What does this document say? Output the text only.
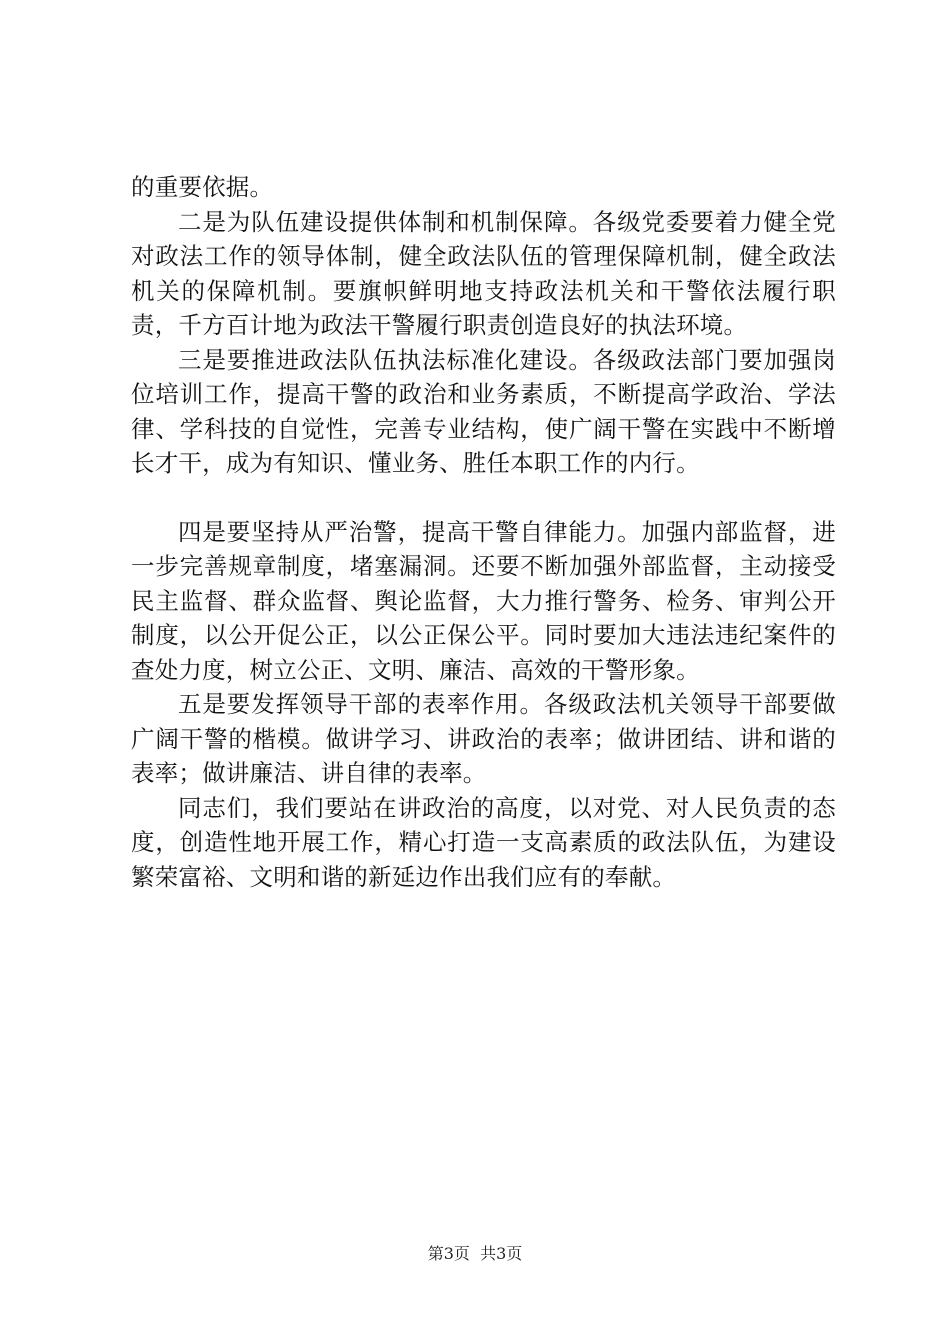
的重要依据。

二是为队伍建设提供体制和机制保障。各级党委要着力健全党对政法工作的领导体制，健全政法队伍的管理保障机制，健全政法机关的保障机制。要旗帜鲜明地支持政法机关和干警依法履行职责，千方百计地为政法干警履行职责创造良好的执法环境。

三是要推进政法队伍执法标准化建设。各级政法部门要加强岗位培训工作，提高干警的政治和业务素质，不断提高学政治、学法律、学科技的自觉性，完善专业结构，使广阔干警在实践中不断增长才干，成为有知识、懂业务、胜任本职工作的内行。

四是要坚持从严治警，提高干警自律能力。加强内部监督，进一步完善规章制度，堵塞漏洞。还要不断加强外部监督，主动接受民主监督、群众监督、舆论监督，大力推行警务、检务、审判公开制度，以公开促公正，以公正保公平。同时要加大违法违纪案件的查处力度，树立公正、文明、廉洁、高效的干警形象。

五是要发挥领导干部的表率作用。各级政法机关领导干部要做广阔干警的楷模。做讲学习、讲政治的表率；做讲团结、讲和谐的表率；做讲廉洁、讲自律的表率。

同志们，我们要站在讲政治的高度，以对党、对人民负责的态度，创造性地开展工作，精心打造一支高素质的政法队伍，为建设繁荣富裕、文明和谐的新延边作出我们应有的奉献。

第3页  共3页
